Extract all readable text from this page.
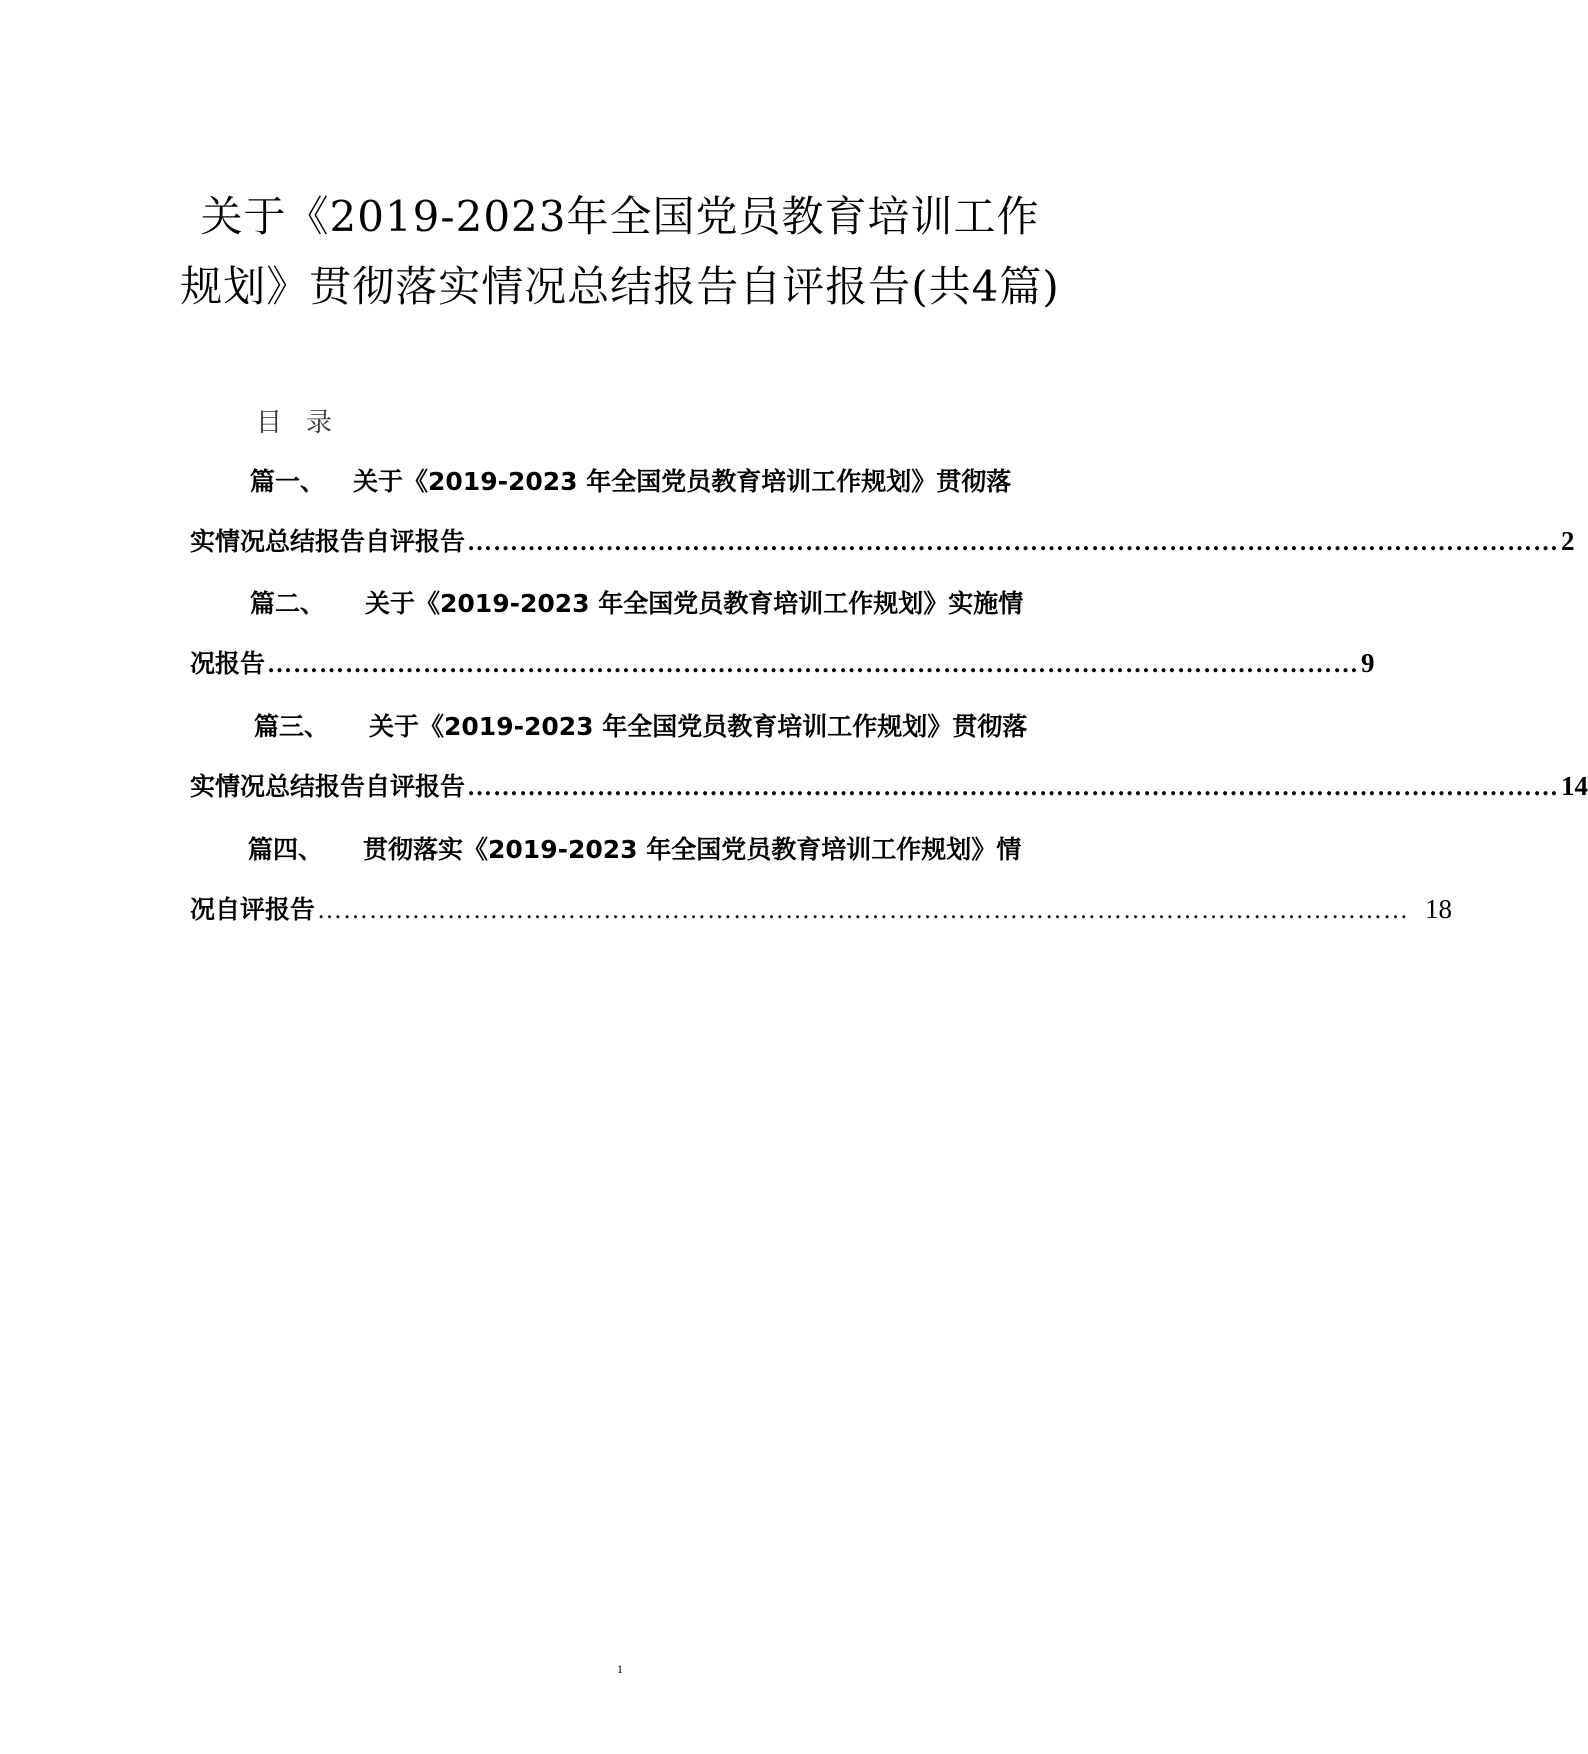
关于《2019-2023年全国党员教育培训工作规划》贯彻落实情况总结报告自评报告(共4篇)
目录
篇一、 关于《2019-2023 年全国党员教育培训工作规划》贯彻落
实情况总结报告自评报告 ……………………………………………………………………………………………………………… 2
篇二、 关于《2019-2023 年全国党员教育培训工作规划》实施情
况报告 ……………………………………………………………………………………………………………… 9
篇三、 关于《2019-2023 年全国党员教育培训工作规划》贯彻落
实情况总结报告自评报告 ……………………………………………………………………………………………………………… 14
篇四、 贯彻落实《2019-2023 年全国党员教育培训工作规划》情
况自评报告 ……………………………………………………………………………………………………………… 18
1
